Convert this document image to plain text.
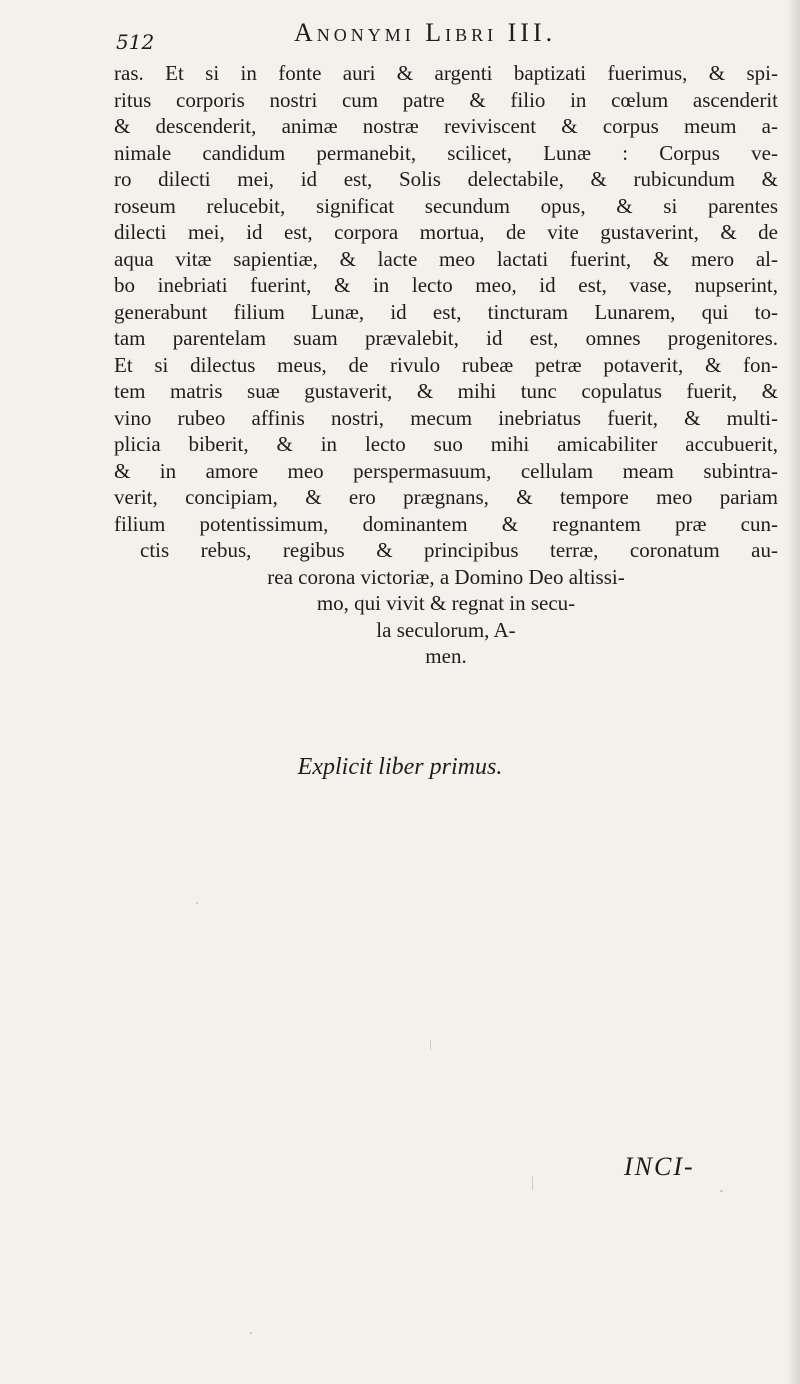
512	Anonymi Libri III.
ras. Et si in fonte auri & argenti baptizati fuerimus, & spi-
ritus corporis nostri cum patre & filio in cœlum ascenderit
& descenderit, animæ nostræ reviviscent & corpus meum a-
nimale candidum permanebit, scilicet, Lunæ : Corpus ve-
ro dilecti mei, id est, Solis delectabile, & rubicundum &
roseum relucebit, significat secundum opus, & si parentes
dilecti mei, id est, corpora mortua, de vite gustaverint, & de
aqua vitæ sapientiæ, & lacte meo lactati fuerint, & mero al-
bo inebriati fuerint, & in lecto meo, id est, vase, nupserint,
generabunt filium Lunæ, id est, tincturam Lunarem, qui to-
tam parentelam suam prævalebit, id est, omnes progenitores.
Et si dilectus meus, de rivulo rubeæ petræ potaverit, & fon-
tem matris suæ gustaverit, & mihi tunc copulatus fuerit, &
vino rubeo affinis nostri, mecum inebriatus fuerit, & multi-
plicia biberit, & in lecto suo mihi amicabiliter accubuerit,
& in amore meo perspermasuum, cellulam meam subintra-
verit, concipiam, & ero prægnans, & tempore meo pariam
filium potentissimum, dominantem & regnantem præ cun-
ctis rebus, regibus & principibus terræ, coronatum au-
rea corona victoriæ, a Domino Deo altissi-
mo, qui vivit & regnat in secu-
la seculorum, A-
men.
Explicit liber primus.
INCI-
